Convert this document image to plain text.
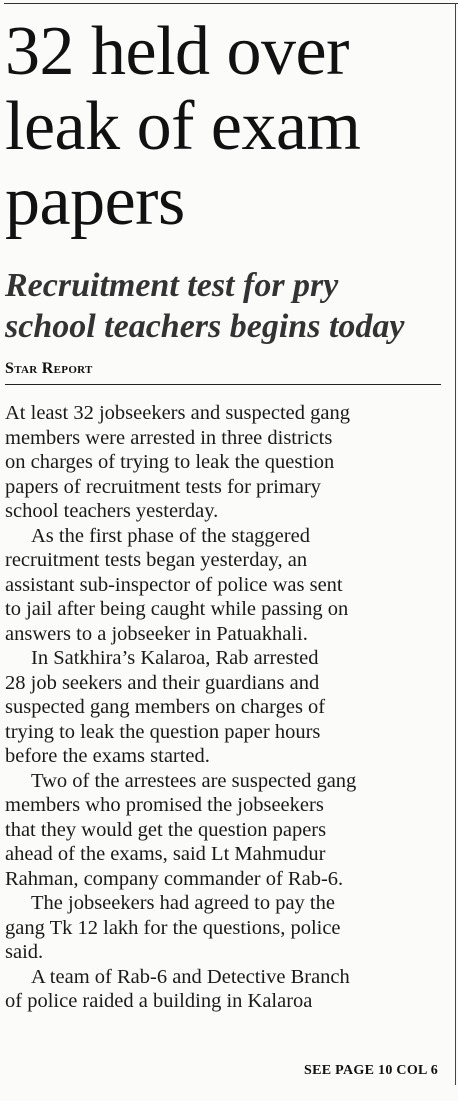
32 held over
leak of exam
papers
Recruitment test for pry
school teachers begins today
Star Report

At least 32 jobseekers and suspected gang
members were arrested in three districts
on charges of trying to leak the question
papers of recruitment tests for primary
school teachers yesterday.

As the first phase of the staggered
recruitment tests began yesterday, an
assistant sub-inspector of police was sent
to jail after being caught while passing on
answers to a jobseeker in Patuakhali.

In Satkhira’s Kalaroa, Rab arrested
28 job seekers and their guardians and
suspected gang members on charges of
trying to leak the question paper hours
before the exams started.

Two of the arrestees are suspected gang
members who promised the jobseekers
that they would get the question papers
ahead of the exams, said Lt Mahmudur
Rahman, company commander of Rab-6.

The jobseekers had agreed to pay the
gang Tk 12 lakh for the questions, police
said.

A team of Rab-6 and Detective Branch
of police raided a building in Kalaroa

SEE PAGE 10 COL 6
